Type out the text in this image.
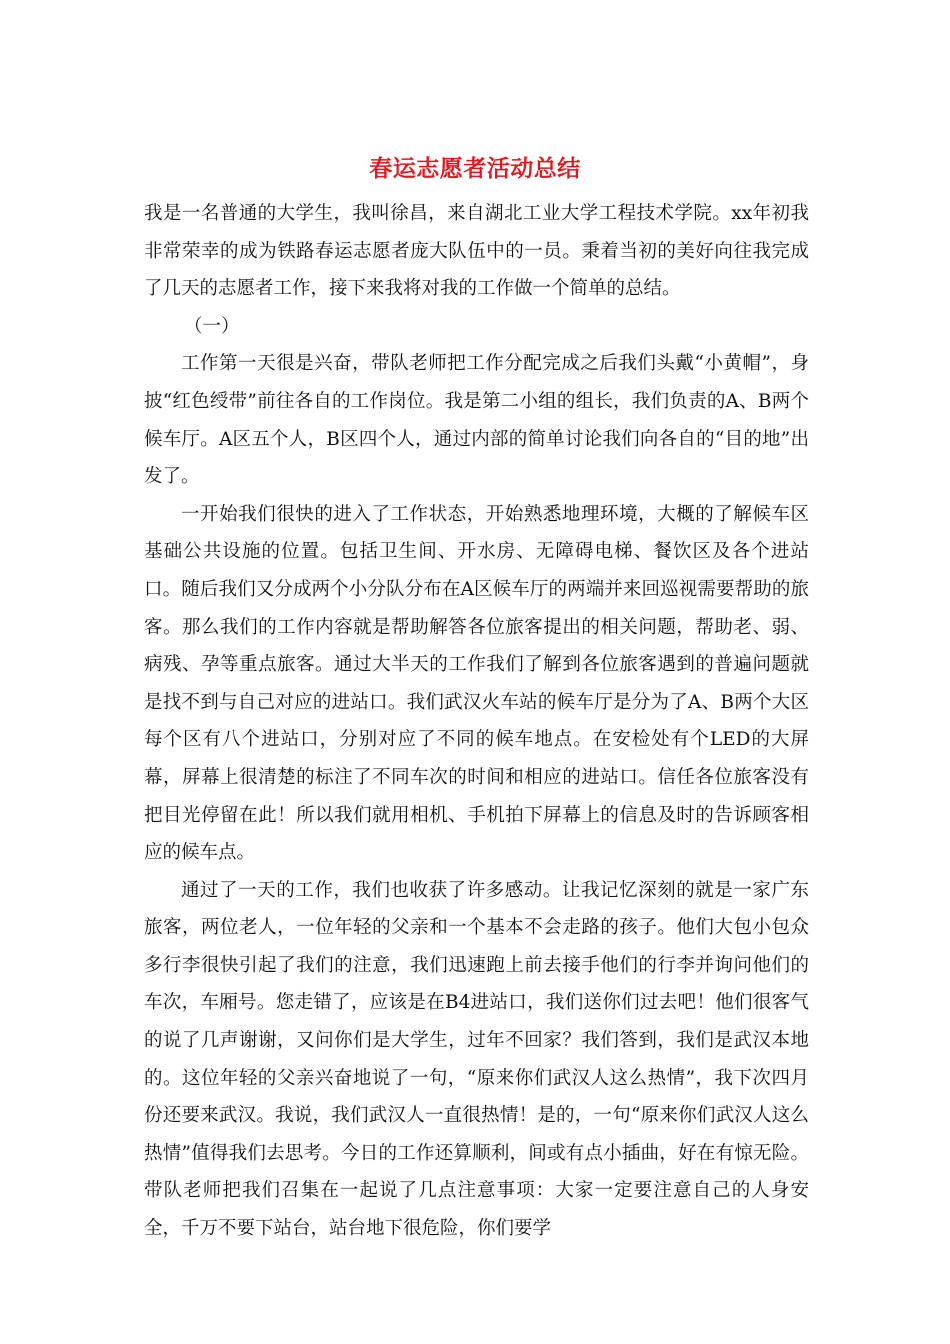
春运志愿者活动总结

我是一名普通的大学生，我叫徐昌，来自湖北工业大学工程技术学院。xx年初我非常荣幸的成为铁路春运志愿者庞大队伍中的一员。秉着当初的美好向往我完成了几天的志愿者工作，接下来我将对我的工作做一个简单的总结。

（一）

工作第一天很是兴奋，带队老师把工作分配完成之后我们头戴“小黄帽”，身披“红色绶带”前往各自的工作岗位。我是第二小组的组长，我们负责的A、B两个候车厅。A区五个人，B区四个人，通过内部的简单讨论我们向各自的“目的地”出发了。

一开始我们很快的进入了工作状态，开始熟悉地理环境，大概的了解候车区基础公共设施的位置。包括卫生间、开水房、无障碍电梯、餐饮区及各个进站口。随后我们又分成两个小分队分布在A区候车厅的两端并来回巡视需要帮助的旅客。那么我们的工作内容就是帮助解答各位旅客提出的相关问题，帮助老、弱、病残、孕等重点旅客。通过大半天的工作我们了解到各位旅客遇到的普遍问题就是找不到与自己对应的进站口。我们武汉火车站的候车厅是分为了A、B两个大区每个区有八个进站口，分别对应了不同的候车地点。在安检处有个LED的大屏幕，屏幕上很清楚的标注了不同车次的时间和相应的进站口。信任各位旅客没有把目光停留在此！所以我们就用相机、手机拍下屏幕上的信息及时的告诉顾客相应的候车点。

通过了一天的工作，我们也收获了许多感动。让我记忆深刻的就是一家广东旅客，两位老人，一位年轻的父亲和一个基本不会走路的孩子。他们大包小包众多行李很快引起了我们的注意，我们迅速跑上前去接手他们的行李并询问他们的车次，车厢号。您走错了，应该是在B4进站口，我们送你们过去吧！他们很客气的说了几声谢谢，又问你们是大学生，过年不回家？我们答到，我们是武汉本地的。这位年轻的父亲兴奋地说了一句，“原来你们武汉人这么热情”，我下次四月份还要来武汉。我说，我们武汉人一直很热情！是的，一句“原来你们武汉人这么热情”值得我们去思考。今日的工作还算顺利，间或有点小插曲，好在有惊无险。带队老师把我们召集在一起说了几点注意事项：大家一定要注意自己的人身安全，千万不要下站台，站台地下很危险，你们要学
